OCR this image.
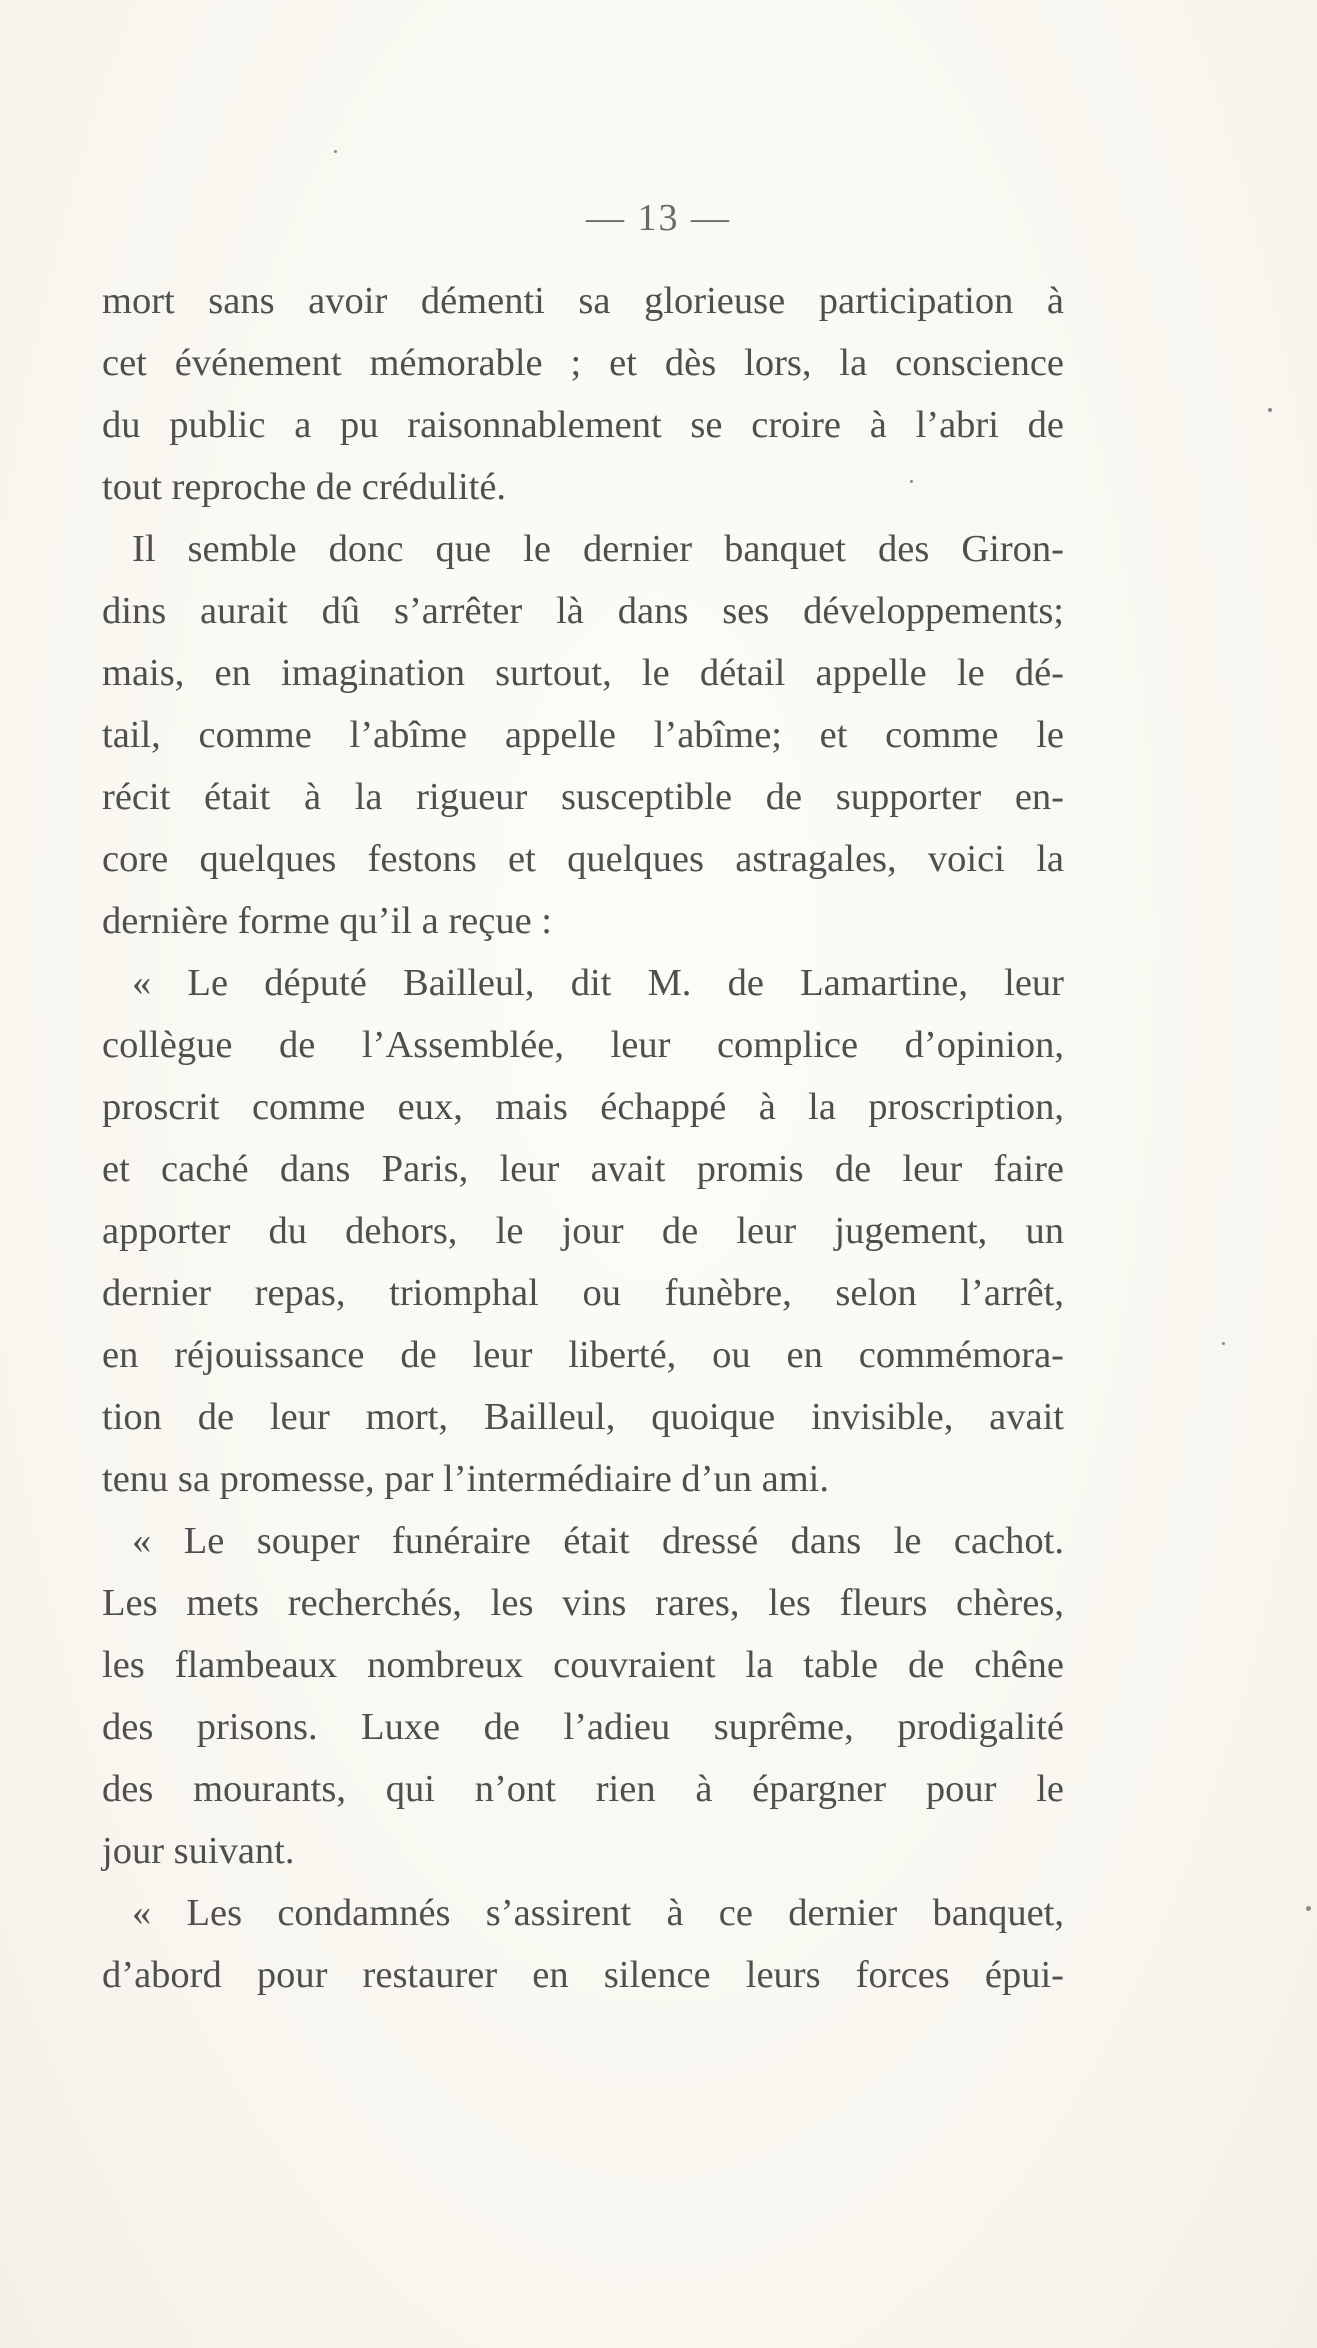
— 13 —
mort sans avoir démenti sa glorieuse participation à
cet événement mémorable ; et dès lors, la conscience
du public a pu raisonnablement se croire à l’abri de
tout reproche de crédulité.
Il semble donc que le dernier banquet des Giron-
dins aurait dû s’arrêter là dans ses développements;
mais, en imagination surtout, le détail appelle le dé-
tail, comme l’abîme appelle l’abîme; et comme le
récit était à la rigueur susceptible de supporter en-
core quelques festons et quelques astragales, voici la
dernière forme qu’il a reçue :
« Le député Bailleul, dit M. de Lamartine, leur
collègue de l’Assemblée, leur complice d’opinion,
proscrit comme eux, mais échappé à la proscription,
et caché dans Paris, leur avait promis de leur faire
apporter du dehors, le jour de leur jugement, un
dernier repas, triomphal ou funèbre, selon l’arrêt,
en réjouissance de leur liberté, ou en commémora-
tion de leur mort, Bailleul, quoique invisible, avait
tenu sa promesse, par l’intermédiaire d’un ami.
« Le souper funéraire était dressé dans le cachot.
Les mets recherchés, les vins rares, les fleurs chères,
les flambeaux nombreux couvraient la table de chêne
des prisons. Luxe de l’adieu suprême, prodigalité
des mourants, qui n’ont rien à épargner pour le
jour suivant.
« Les condamnés s’assirent à ce dernier banquet,
d’abord pour restaurer en silence leurs forces épui-
